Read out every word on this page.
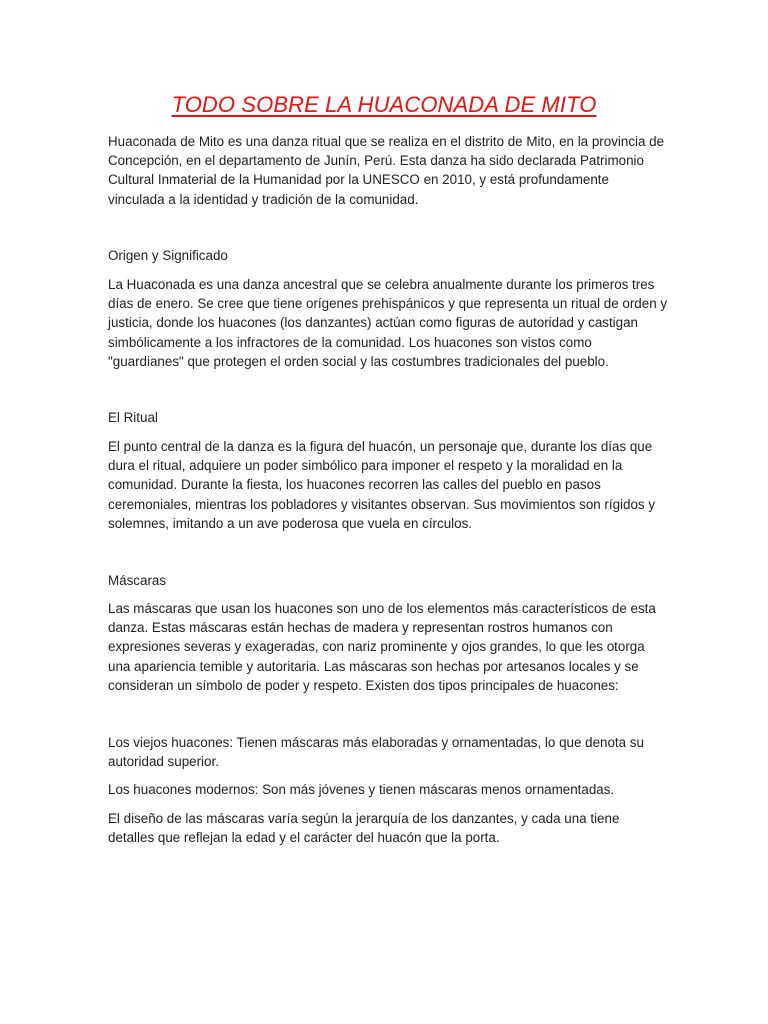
TODO SOBRE LA HUACONADA DE MITO

Huaconada de Mito es una danza ritual que se realiza en el distrito de Mito, en la provincia de Concepción, en el departamento de Junín, Perú. Esta danza ha sido declarada Patrimonio Cultural Inmaterial de la Humanidad por la UNESCO en 2010, y está profundamente vinculada a la identidad y tradición de la comunidad.

Origen y Significado

La Huaconada es una danza ancestral que se celebra anualmente durante los primeros tres días de enero. Se cree que tiene orígenes prehispánicos y que representa un ritual de orden y justicia, donde los huacones (los danzantes) actúan como figuras de autoridad y castigan simbólicamente a los infractores de la comunidad. Los huacones son vistos como "guardianes" que protegen el orden social y las costumbres tradicionales del pueblo.

El Ritual

El punto central de la danza es la figura del huacón, un personaje que, durante los días que dura el ritual, adquiere un poder simbólico para imponer el respeto y la moralidad en la comunidad. Durante la fiesta, los huacones recorren las calles del pueblo en pasos ceremoniales, mientras los pobladores y visitantes observan. Sus movimientos son rígidos y solemnes, imitando a un ave poderosa que vuela en círculos.

Máscaras

Las máscaras que usan los huacones son uno de los elementos más característicos de esta danza. Estas máscaras están hechas de madera y representan rostros humanos con expresiones severas y exageradas, con nariz prominente y ojos grandes, lo que les otorga una apariencia temible y autoritaria. Las máscaras son hechas por artesanos locales y se consideran un símbolo de poder y respeto. Existen dos tipos principales de huacones:

Los viejos huacones: Tienen máscaras más elaboradas y ornamentadas, lo que denota su autoridad superior.

Los huacones modernos: Son más jóvenes y tienen máscaras menos ornamentadas.

El diseño de las máscaras varía según la jerarquía de los danzantes, y cada una tiene detalles que reflejan la edad y el carácter del huacón que la porta.
